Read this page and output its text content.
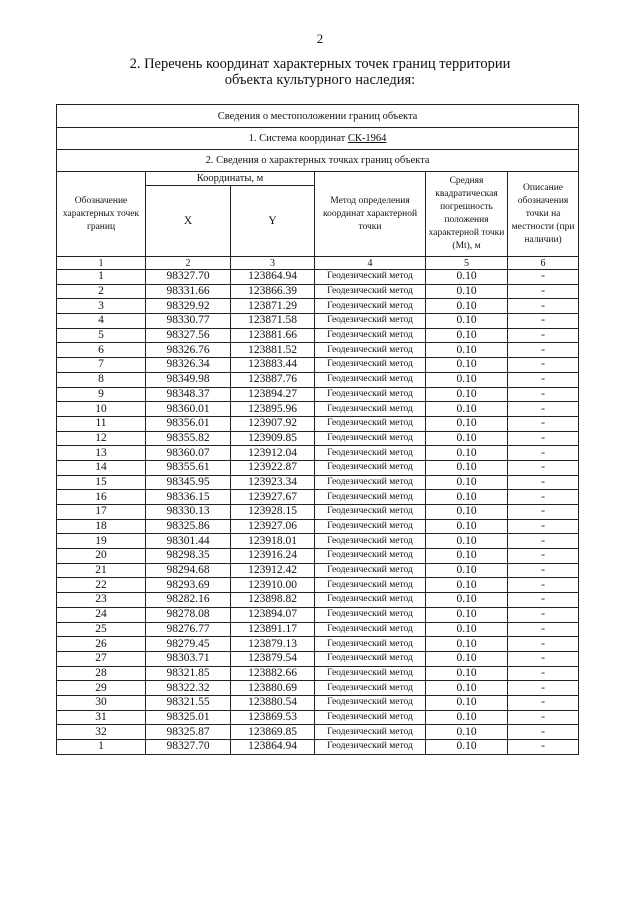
2
2. Перечень координат характерных точек границ территории
объекта культурного наследия:
Сведения о местоположении границ объекта					
1. Система координат СК-1964					
2. Сведения о характерных точках границ объекта					
Обозначение характерных точек границ	Координаты, м		Метод определения координат характерной точки	Средняя квадратическая погрешность положения характерной точки (Mt), м	Описание обозначения точки на местности (при наличии)
	X	Y			
1	2	3	4	5	6
1	98327.70	123864.94	Геодезический метод	0.10	-
2	98331.66	123866.39	Геодезический метод	0.10	-
3	98329.92	123871.29	Геодезический метод	0.10	-
4	98330.77	123871.58	Геодезический метод	0.10	-
5	98327.56	123881.66	Геодезический метод	0.10	-
6	98326.76	123881.52	Геодезический метод	0.10	-
7	98326.34	123883.44	Геодезический метод	0.10	-
8	98349.98	123887.76	Геодезический метод	0.10	-
9	98348.37	123894.27	Геодезический метод	0.10	-
10	98360.01	123895.96	Геодезический метод	0.10	-
11	98356.01	123907.92	Геодезический метод	0.10	-
12	98355.82	123909.85	Геодезический метод	0.10	-
13	98360.07	123912.04	Геодезический метод	0.10	-
14	98355.61	123922.87	Геодезический метод	0.10	-
15	98345.95	123923.34	Геодезический метод	0.10	-
16	98336.15	123927.67	Геодезический метод	0.10	-
17	98330.13	123928.15	Геодезический метод	0.10	-
18	98325.86	123927.06	Геодезический метод	0.10	-
19	98301.44	123918.01	Геодезический метод	0.10	-
20	98298.35	123916.24	Геодезический метод	0.10	-
21	98294.68	123912.42	Геодезический метод	0.10	-
22	98293.69	123910.00	Геодезический метод	0.10	-
23	98282.16	123898.82	Геодезический метод	0.10	-
24	98278.08	123894.07	Геодезический метод	0.10	-
25	98276.77	123891.17	Геодезический метод	0.10	-
26	98279.45	123879.13	Геодезический метод	0.10	-
27	98303.71	123879.54	Геодезический метод	0.10	-
28	98321.85	123882.66	Геодезический метод	0.10	-
29	98322.32	123880.69	Геодезический метод	0.10	-
30	98321.55	123880.54	Геодезический метод	0.10	-
31	98325.01	123869.53	Геодезический метод	0.10	-
32	98325.87	123869.85	Геодезический метод	0.10	-
1	98327.70	123864.94	Геодезический метод	0.10	-
